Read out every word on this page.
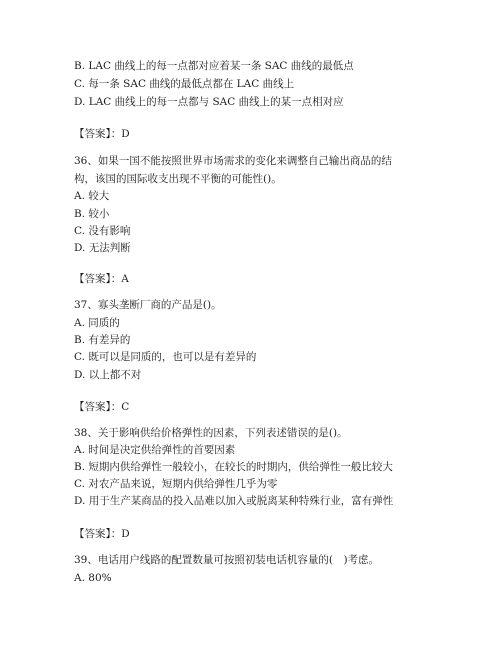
B. LAC 曲线上的每一点都对应着某一条 SAC 曲线的最低点
C. 每一条 SAC 曲线的最低点都在 LAC 曲线上
D. LAC 曲线上的每一点都与 SAC 曲线上的某一点相对应
【答案】：D
36、如果一国不能按照世界市场需求的变化来调整自己输出商品的结
构，该国的国际收支出现不平衡的可能性()。
A. 较大
B. 较小
C. 没有影响
D. 无法判断
【答案】：A
37、寡头垄断厂商的产品是()。
A. 同质的
B. 有差异的
C. 既可以是同质的，也可以是有差异的
D. 以上都不对
【答案】：C
38、关于影响供给价格弹性的因素，下列表述错误的是()。
A. 时间是决定供给弹性的首要因素
B. 短期内供给弹性一般较小，在较长的时期内，供给弹性一般比较大
C. 对农产品来说，短期内供给弹性几乎为零
D. 用于生产某商品的投入品难以加入或脱离某种特殊行业，富有弹性
【答案】：D
39、电话用户线路的配置数量可按照初装电话机容量的(　)考虑。
A. 80%
